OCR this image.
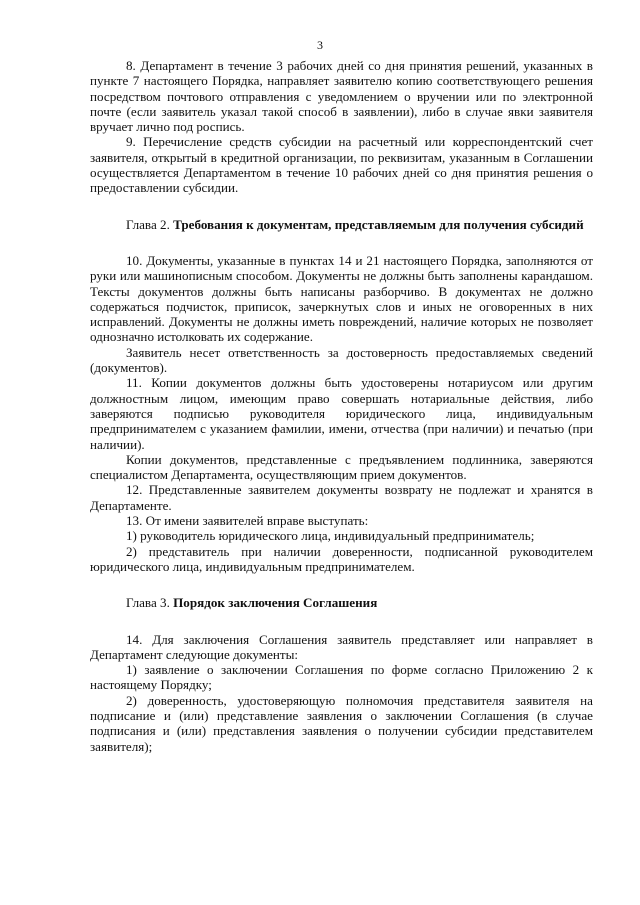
3

8. Департамент в течение 3 рабочих дней со дня принятия решений, указанных в пункте 7 настоящего Порядка, направляет заявителю копию соответствующего решения посредством почтового отправления с уведомлением о вручении или по электронной почте (если заявитель указал такой способ в заявлении), либо в случае явки заявителя вручает лично под роспись.

9. Перечисление средств субсидии на расчетный или корреспондентский счет заявителя, открытый в кредитной организации, по реквизитам, указанным в Соглашении осуществляется Департаментом в течение 10 рабочих дней со дня принятия решения о предоставлении субсидии.

Глава 2. Требования к документам, представляемым для получения субсидий

10. Документы, указанные в пунктах 14 и 21 настоящего Порядка, заполняются от руки или машинописным способом. Документы не должны быть заполнены карандашом. Тексты документов должны быть написаны разборчиво. В документах не должно содержаться подчисток, приписок, зачеркнутых слов и иных не оговоренных в них исправлений. Документы не должны иметь повреждений, наличие которых не позволяет однозначно истолковать их содержание.

Заявитель несет ответственность за достоверность предоставляемых сведений (документов).

11. Копии документов должны быть удостоверены нотариусом или другим должностным лицом, имеющим право совершать нотариальные действия, либо заверяются подписью руководителя юридического лица, индивидуальным предпринимателем с указанием фамилии, имени, отчества (при наличии) и печатью (при наличии).

Копии документов, представленные с предъявлением подлинника, заверяются специалистом Департамента, осуществляющим прием документов.

12. Представленные заявителем документы возврату не подлежат и хранятся в Департаменте.

13. От имени заявителей вправе выступать:

1) руководитель юридического лица, индивидуальный предприниматель;

2) представитель при наличии доверенности, подписанной руководителем юридического лица, индивидуальным предпринимателем.

Глава 3. Порядок заключения Соглашения

14. Для заключения Соглашения заявитель представляет или направляет в Департамент следующие документы:

1) заявление о заключении Соглашения по форме согласно Приложению 2 к настоящему Порядку;

2) доверенность, удостоверяющую полномочия представителя заявителя на подписание и (или) представление заявления о заключении Соглашения (в случае подписания и (или) представления заявления о получении субсидии представителем заявителя);
